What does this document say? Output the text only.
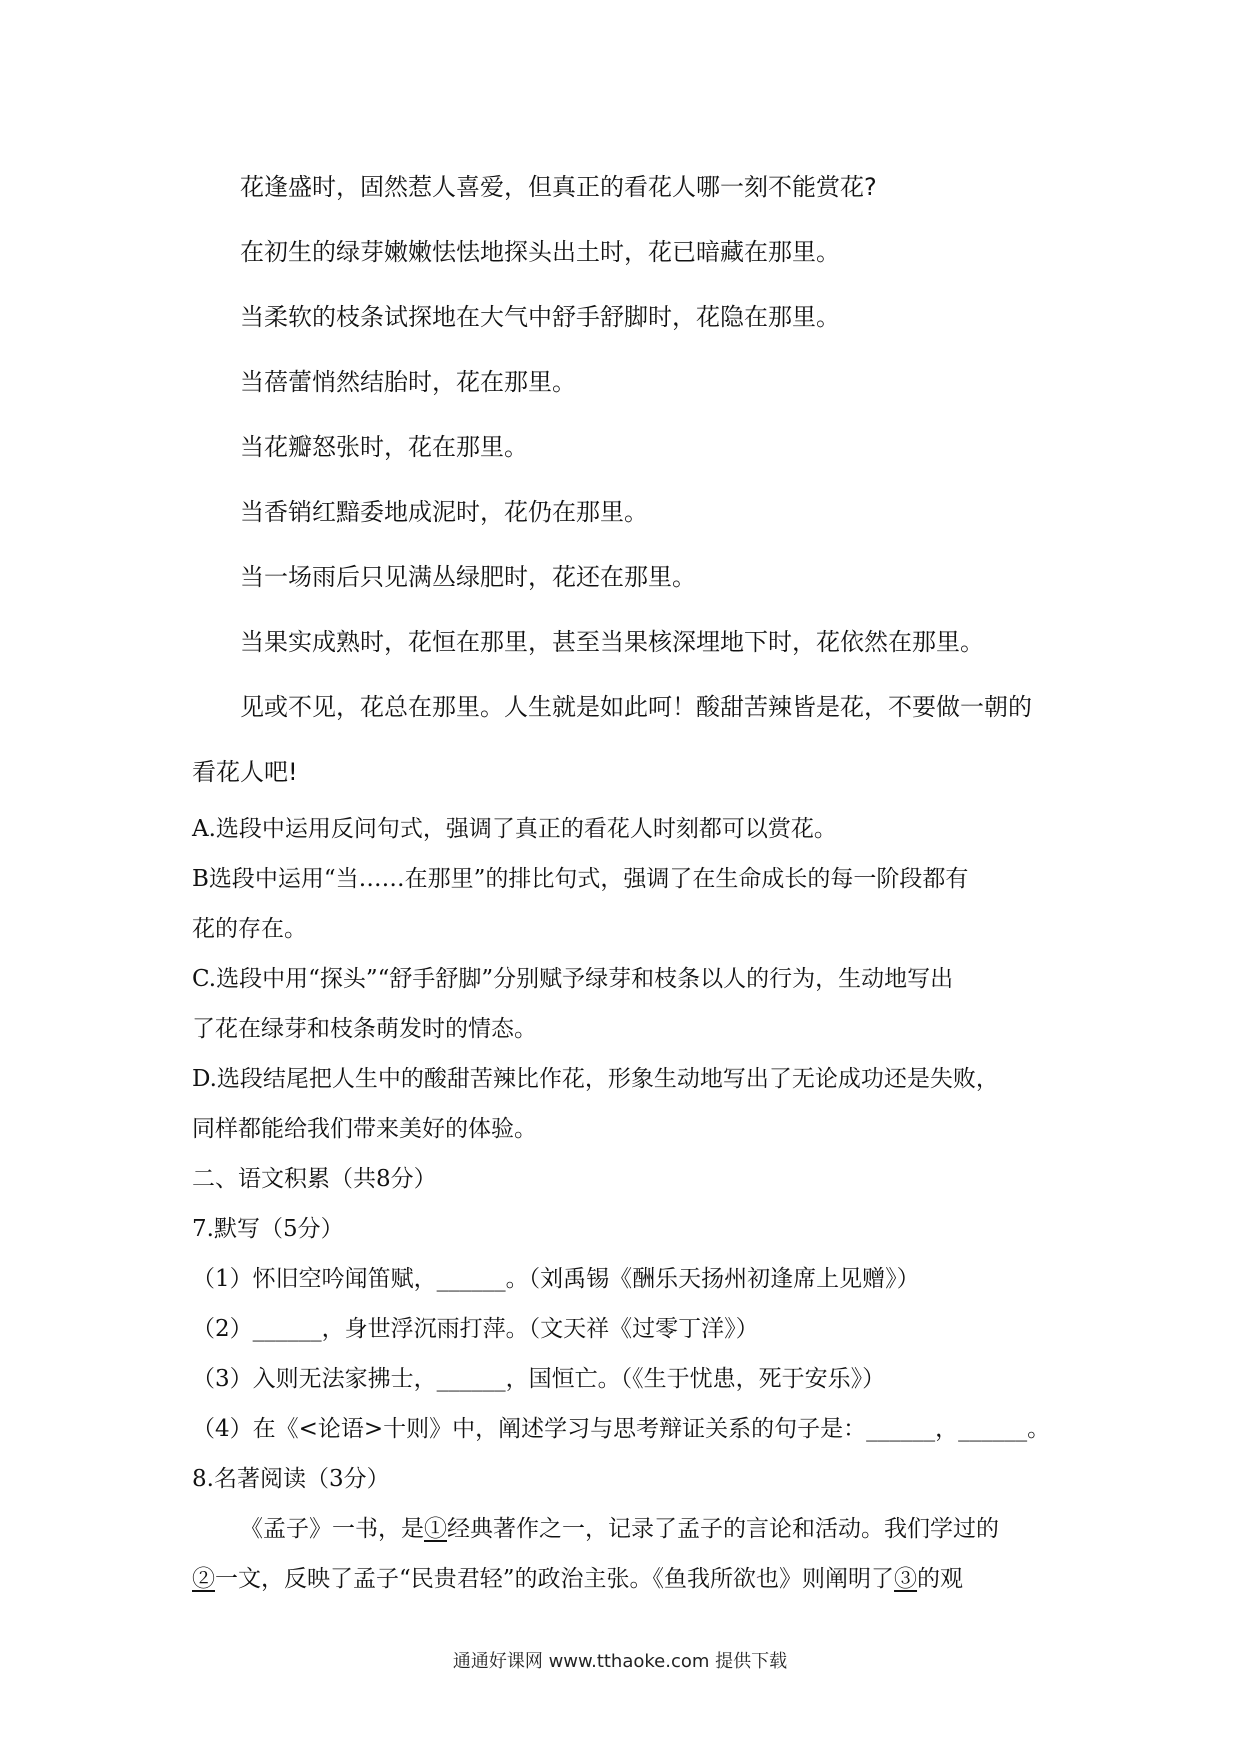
花逢盛时，固然惹人喜爱，但真正的看花人哪一刻不能赏花?
在初生的绿芽嫩嫩怯怯地探头出土时，花已暗藏在那里。
当柔软的枝条试探地在大气中舒手舒脚时，花隐在那里。
当蓓蕾悄然结胎时，花在那里。
当花瓣怒张时，花在那里。
当香销红黯委地成泥时，花仍在那里。
当一场雨后只见满丛绿肥时，花还在那里。
当果实成熟时，花恒在那里，甚至当果核深埋地下时，花依然在那里。
见或不见，花总在那里。人生就是如此呵！酸甜苦辣皆是花，不要做一朝的
看花人吧!
A.选段中运用反问句式，强调了真正的看花人时刻都可以赏花。
B选段中运用“当……在那里”的排比句式，强调了在生命成长的每一阶段都有
花的存在。
C.选段中用“探头”“舒手舒脚”分别赋予绿芽和枝条以人的行为，生动地写出
了花在绿芽和枝条萌发时的情态。
D.选段结尾把人生中的酸甜苦辣比作花，形象生动地写出了无论成功还是失败，
同样都能给我们带来美好的体验。
二、语文积累（共8分）
7.默写（5分）
（1）怀旧空吟闻笛赋，______。（刘禹锡《酬乐天扬州初逢席上见赠》）
（2）______，身世浮沉雨打萍。（文天祥《过零丁洋》）
（3）入则无法家拂士，______，国恒亡。（《生于忧患，死于安乐》）
（4）在《<论语>十则》中，阐述学习与思考辩证关系的句子是：______，______。
8.名著阅读（3分）
《孟子》一书，是①经典著作之一，记录了孟子的言论和活动。我们学过的
②一文，反映了孟子“民贵君轻”的政治主张。《鱼我所欲也》则阐明了③的观
通通好课网 www.tthaoke.com 提供下载
